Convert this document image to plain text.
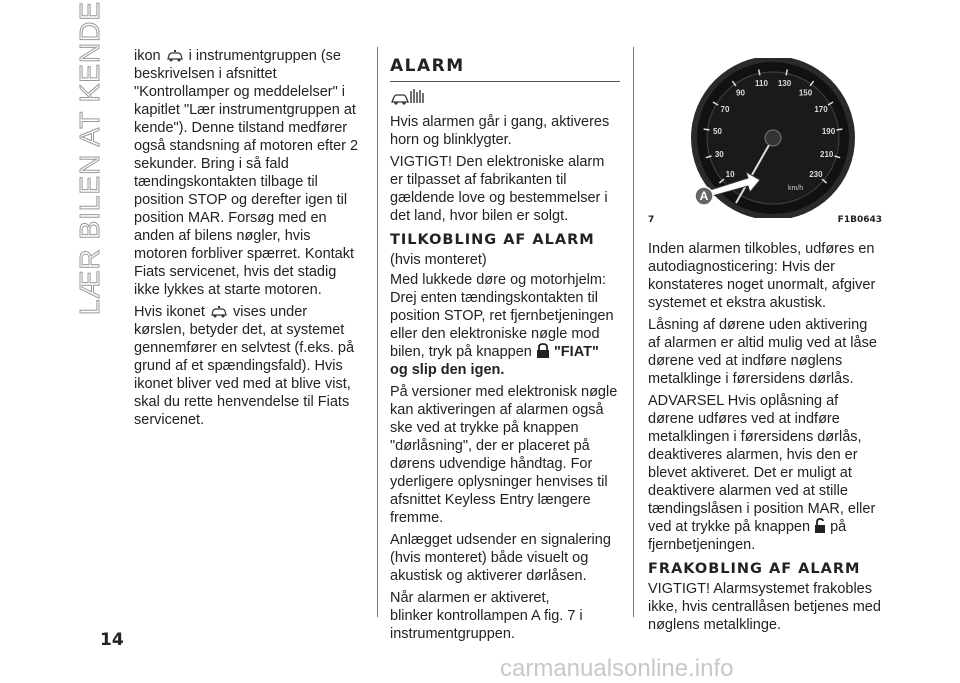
LÆR BILEN AT KENDE ikon i instrumentgruppen (se beskrivelsen i afsnittet "Kontrollamper og meddelelser" i kapitlet "Lær instrumentgruppen at kende"). Denne tilstand medfører også standsning af motoren efter 2 sekunder. Bring i så fald tændingskontakten tilbage til position STOP og derefter igen til position MAR. Forsøg med en anden af bilens nøgler, hvis motoren forbliver spærret. Kontakt Fiats servicenet, hvis det stadig ikke lykkes at starte motoren.

Hvis ikonet vises under kørslen, betyder det, at systemet gennemfører en selvtest (f.eks. på grund af et spændingsfald). Hvis ikonet bliver ved med at blive vist, skal du rette henvendelse til Fiats servicenet.

ALARM

Hvis alarmen går i gang, aktiveres horn og blinklygter.

VIGTIGT! Den elektroniske alarm er tilpasset af fabrikanten til gældende love og bestemmelser i det land, hvor bilen er solgt.

TILKOBLING AF ALARM

(hvis monteret)

Med lukkede døre og motorhjelm: Drej enten tændingskontakten til position STOP, ret fjernbetjeningen eller den elektroniske nøgle mod bilen, tryk på knappen "FIAT" og slip den igen.

På versioner med elektronisk nøgle kan aktiveringen af alarmen også ske ved at trykke på knappen "dørlåsning", der er placeret på dørens udvendige håndtag. For yderligere oplysninger henvises til afsnittet Keyless Entry længere fremme.

Anlægget udsender en signalering (hvis monteret) både visuelt og akustisk og aktiverer dørlåsen.

Når alarmen er aktiveret,
blinker kontrollampen A fig. 7 i instrumentgruppen.

10
30
50
70
90
110 130
150
170
190
210
230
km/h
A
7	F1B0643

Inden alarmen tilkobles, udføres en autodiagnosticering: Hvis der konstateres noget unormalt, afgiver systemet et ekstra akustisk.

Låsning af dørene uden aktivering af alarmen er altid mulig ved at låse dørene ved at indføre nøglens metalklinge i førersidens dørlås.

ADVARSEL Hvis oplåsning af dørene udføres ved at indføre metalklingen i førersidens dørlås, deaktiveres alarmen, hvis den er blevet aktiveret. Det er muligt at deaktivere alarmen ved at stille tændingslåsen i position MAR, eller ved at trykke på knappen på fjernbetjeningen.

FRAKOBLING AF ALARM

VIGTIGT! Alarmsystemet frakobles ikke, hvis centrallåsen betjenes med nøglens metalklinge.

14
carmanualsonline.info
